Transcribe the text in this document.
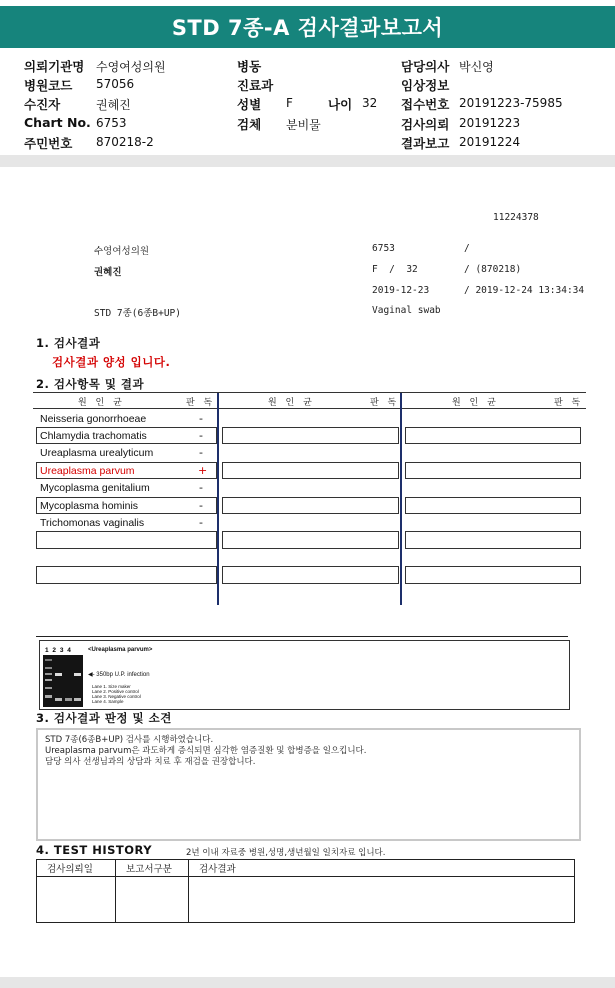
STD 7종-A 검사결과보고서
의뢰기관명 수영여성의원
병원코드 57056
수진자	권혜진
Chart No. 6753
주민번호 870218-2
병동
진료과
성별 F	나이 32
검체 분비물
담당의사 박신영
임상정보
접수번호 20191223-75985
검사의뢰 20191223
결과보고 20191224
11224378
수영여성의원	6753	/
권혜진	F  /  32	/ (870218)
2019-12-23	/ 2019-12-24 13:34:34
STD 7종(6종B+UP)	Vaginal swab
1. 검사결과
검사결과 양성 입니다.
2. 검사항목 및 결과
원 인 균	판 독	원 인 균	판 독	원 인 균	판 독
Neisseria gonorrhoeae	-
Chlamydia trachomatis	-
Ureaplasma urealyticum	-
Ureaplasma parvum	+
Mycoplasma genitalium	-
Mycoplasma hominis	-
Trichomonas vaginalis	-
1 2 3 4	<Ureaplasma parvum>
◀- 350bp U.P. infection
Lane 1. Size maker
Lane 2. Positive control
Lane 3. Negative control
Lane 4. Sample
3. 검사결과 판정 및 소견
STD 7종(6종B+UP) 검사를 시행하였습니다.
Ureaplasma parvum은 과도하게 증식되면 심각한 염증질환 및 합병증을 일으킵니다.
담당 의사 선생님과의 상담과 치료 후 재검을 권장합니다.
4. TEST HISTORY	2년 이내 자료중 병원,성명,생년월일 일치자료 입니다.
검사의뢰일	보고서구분	검사결과
